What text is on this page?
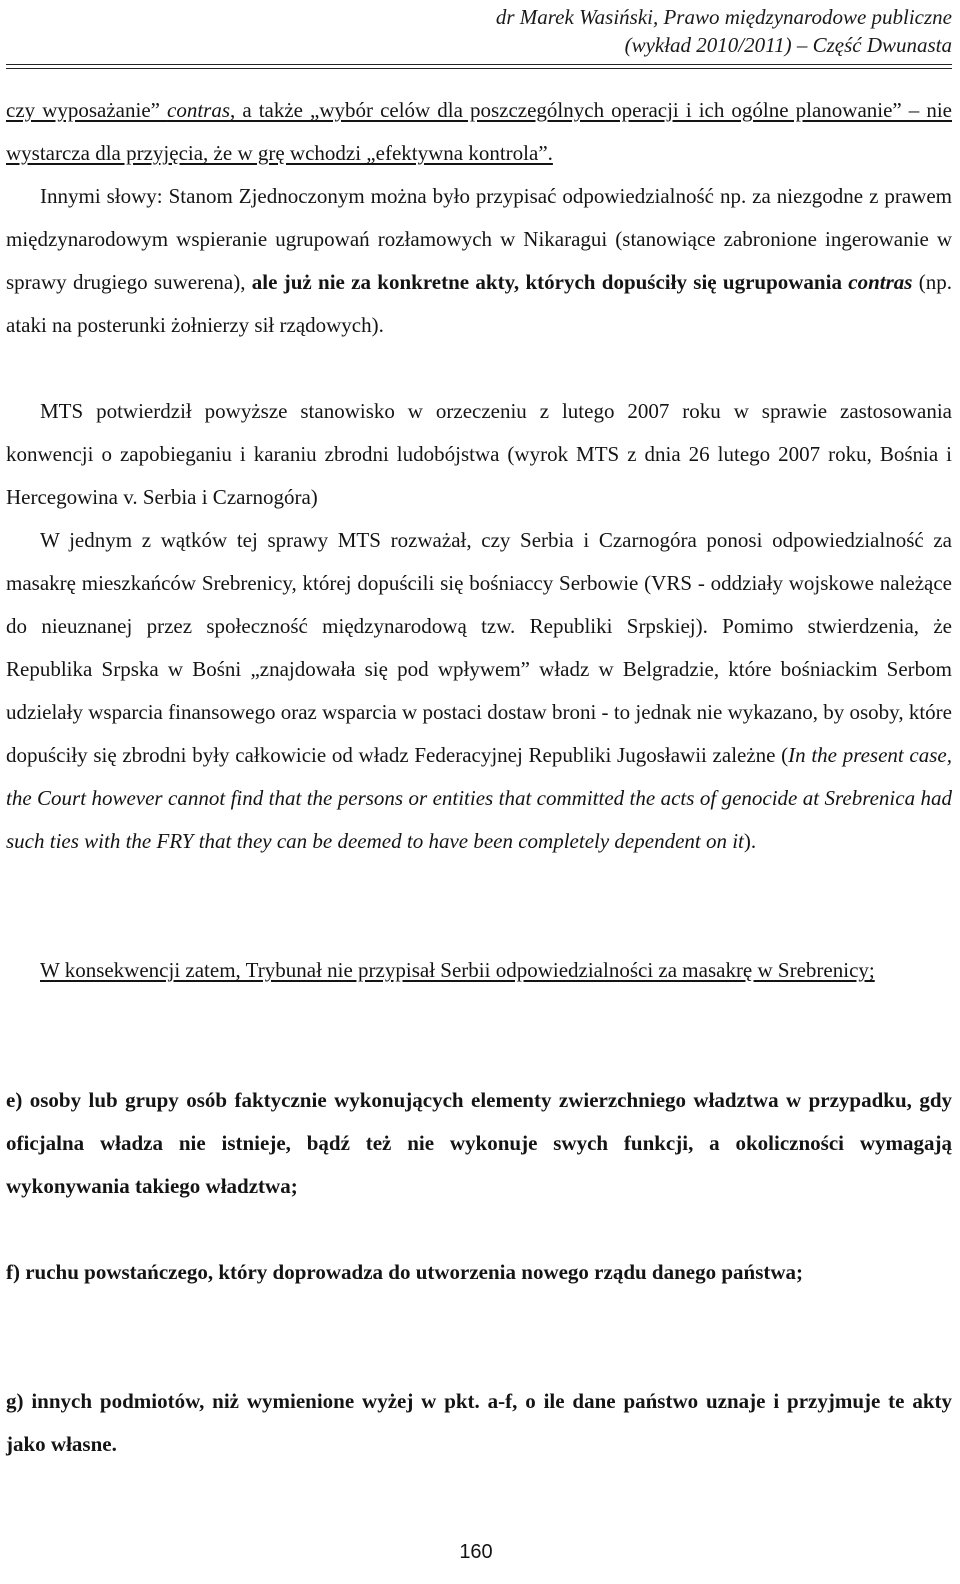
dr Marek Wasiński, Prawo międzynarodowe publiczne
(wykład 2010/2011) – Część Dwunasta

czy wyposażanie” contras, a także „wybór celów dla poszczególnych operacji i ich ogólne planowanie” – nie wystarcza dla przyjęcia, że w grę wchodzi „efektywna kontrola”.

Innymi słowy: Stanom Zjednoczonym można było przypisać odpowiedzialność np. za niezgodne z prawem międzynarodowym wspieranie ugrupowań rozłamowych w Nikaragui (stanowiące zabronione ingerowanie w sprawy drugiego suwerena), ale już nie za konkretne akty, których dopuściły się ugrupowania contras (np. ataki na posterunki żołnierzy sił rządowych).

MTS potwierdził powyższe stanowisko w orzeczeniu z lutego 2007 roku w sprawie zastosowania konwencji o zapobieganiu i karaniu zbrodni ludobójstwa (wyrok MTS z dnia 26 lutego 2007 roku, Bośnia i Hercegowina v. Serbia i Czarnogóra)

W jednym z wątków tej sprawy MTS rozważał, czy Serbia i Czarnogóra ponosi odpowiedzialność za masakrę mieszkańców Srebrenicy, której dopuścili się bośniaccy Serbowie (VRS - oddziały wojskowe należące do nieuznanej przez społeczność międzynarodową tzw. Republiki Srpskiej). Pomimo stwierdzenia, że Republika Srpska w Bośni „znajdowała się pod wpływem” władz w Belgradzie, które bośniackim Serbom udzielały wsparcia finansowego oraz wsparcia w postaci dostaw broni - to jednak nie wykazano, by osoby, które dopuściły się zbrodni były całkowicie od władz Federacyjnej Republiki Jugosławii zależne (In the present case, the Court however cannot find that the persons or entities that committed the acts of genocide at Srebrenica had such ties with the FRY that they can be deemed to have been completely dependent on it).

W konsekwencji zatem, Trybunał nie przypisał Serbii odpowiedzialności za masakrę w Srebrenicy;

e) osoby lub grupy osób faktycznie wykonujących elementy zwierzchniego władztwa w przypadku, gdy oficjalna władza nie istnieje, bądź też nie wykonuje swych funkcji, a okoliczności wymagają wykonywania takiego władztwa;

f) ruchu powstańczego, który doprowadza do utworzenia nowego rządu danego państwa;

g) innych podmiotów, niż wymienione wyżej w pkt. a-f, o ile dane państwo uznaje i przyjmuje te akty jako własne.

160
